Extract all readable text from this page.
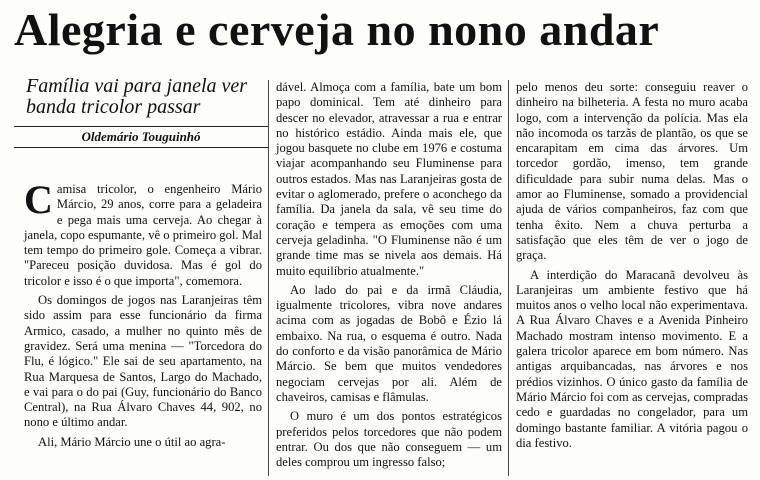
Alegria e cerveja no nono andar
Família vai para janela ver banda tricolor passar
Oldemário Touguinhó

Camisa tricolor, o engenheiro Mário Márcio, 29 anos, corre para a geladeira e pega mais uma cerveja. Ao chegar à janela, copo espumante, vê o primeiro gol. Mal tem tempo do primeiro gole. Começa a vibrar. "Pareceu posição duvidosa. Mas é gol do tricolor e isso é o que importa", comemora.

Os domingos de jogos nas Laranjeiras têm sido assim para esse funcionário da firma Armico, casado, a mulher no quinto mês de gravidez. Será uma menina — "Torcedora do Flu, é lógico." Ele sai de seu apartamento, na Rua Marquesa de Santos, Largo do Machado, e vai para o do pai (Guy, funcionário do Banco Central), na Rua Álvaro Chaves 44, 902, no nono e último andar.

Ali, Mário Márcio une o útil ao agra-

dável. Almoça com a família, bate um bom papo dominical. Tem até dinheiro para descer no elevador, atravessar a rua e entrar no histórico estádio. Ainda mais ele, que jogou basquete no clube em 1976 e costuma viajar acompanhando seu Fluminense para outros estados. Mas nas Laranjeiras gosta de evitar o aglomerado, prefere o aconchego da família. Da janela da sala, vê seu time do coração e tempera as emoções com uma cerveja geladinha. "O Fluminense não é um grande time mas se nivela aos demais. Há muito equilíbrio atualmente."

Ao lado do pai e da irmã Cláudia, igualmente tricolores, vibra nove andares acima com as jogadas de Bobô e Ézio lá embaixo. Na rua, o esquema é outro. Nada do conforto e da visão panorâmica de Mário Márcio. Se bem que muitos vendedores negociam cervejas por ali. Além de chaveiros, camisas e flâmulas.

O muro é um dos pontos estratégicos preferidos pelos torcedores que não podem entrar. Ou dos que não conseguem — um deles comprou um ingresso falso;

pelo menos deu sorte: conseguiu reaver o dinheiro na bilheteria. A festa no muro acaba logo, com a intervenção da polícia. Mas ela não incomoda os tarzãs de plantão, os que se encarapitam em cima das árvores. Um torcedor gordão, imenso, tem grande dificuldade para subir numa delas. Mas o amor ao Fluminense, somado a providencial ajuda de vários companheiros, faz com que tenha êxito. Nem a chuva perturba a satisfação que eles têm de ver o jogo de graça.

A interdição do Maracanã devolveu às Laranjeiras um ambiente festivo que há muitos anos o velho local não experimentava. A Rua Álvaro Chaves e a Avenida Pinheiro Machado mostram intenso movimento. E a galera tricolor aparece em bom número. Nas antigas arquibancadas, nas árvores e nos prédios vizinhos. O único gasto da família de Mário Márcio foi com as cervejas, compradas cedo e guardadas no congelador, para um domingo bastante familiar. A vitória pagou o dia festivo.
